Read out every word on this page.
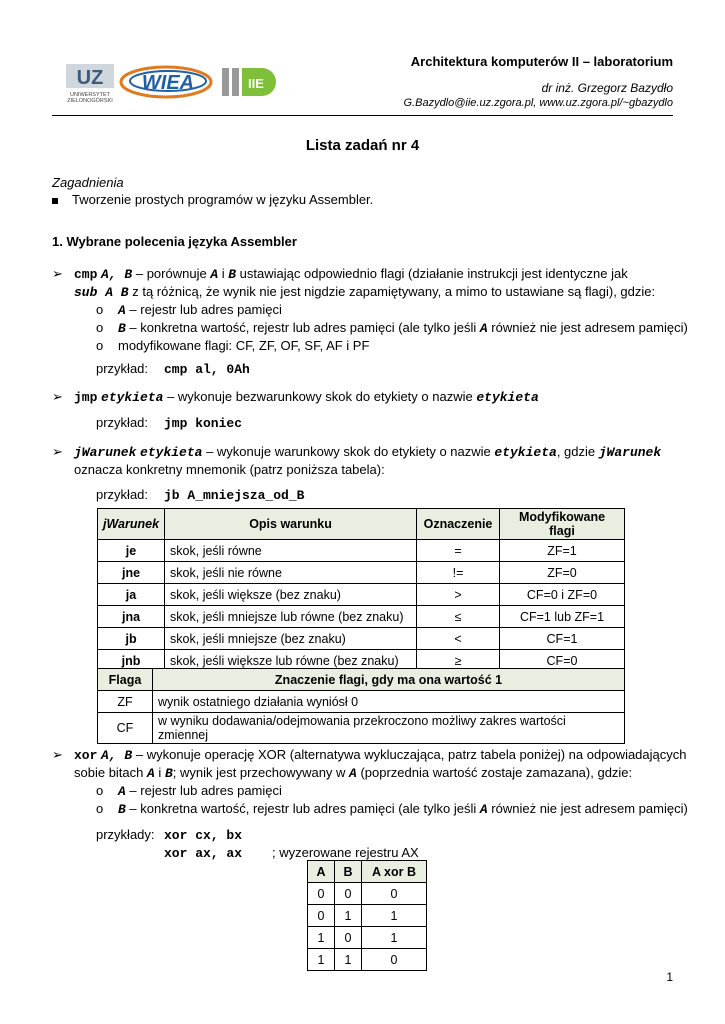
UZ
UNIWERSYTET
ZIELONOGÓRSKI
WIEA	IIE
Architektura komputerów II – laboratorium
dr inż. Grzegorz Bazydło
G.Bazydlo@iie.uz.zgora.pl, www.uz.zgora.pl/~gbazydlo
Lista zadań nr 4

Zagadnienia

Tworzenie prostych programów w języku Assembler.

1. Wybrane polecenia języka Assembler

➢ cmp A, B – porównuje A i B ustawiając odpowiednio flagi (działanie instrukcji jest identyczne jak

sub A B z tą różnicą, że wynik nie jest nigdzie zapamiętywany, a mimo to ustawiane są flagi), gdzie:

o A – rejestr lub adres pamięci

o B – konkretna wartość, rejestr lub adres pamięci (ale tylko jeśli A również nie jest adresem pamięci)

o modyfikowane flagi: CF, ZF, OF, SF, AF i PF

przykład: cmp al, 0Ah

➢ jmp etykieta – wykonuje bezwarunkowy skok do etykiety o nazwie etykieta

przykład: jmp koniec

➢ jWarunek etykieta – wykonuje warunkowy skok do etykiety o nazwie etykieta, gdzie jWarunek

oznacza konkretny mnemonik (patrz poniższa tabela):

przykład: jb A_mniejsza_od_B

jWarunek	Opis warunku	Oznaczenie	Modyfikowane flagi
je	skok, jeśli równe	=	ZF=1
jne	skok, jeśli nie równe	!=	ZF=0
ja	skok, jeśli większe (bez znaku)	>	CF=0 i ZF=0
jna	skok, jeśli mniejsze lub równe (bez znaku)	≤	CF=1 lub ZF=1
jb	skok, jeśli mniejsze (bez znaku)	<	CF=1
jnb	skok, jeśli większe lub równe (bez znaku)	≥	CF=0
Flaga	Znaczenie flagi, gdy ma ona wartość 1
ZF	wynik ostatniego działania wyniósł 0
CF	w wyniku dodawania/odejmowania przekroczono możliwy zakres wartości zmiennej

➢ xor A, B – wykonuje operację XOR (alternatywa wykluczająca, patrz tabela poniżej) na odpowiadających

sobie bitach A i B; wynik jest przechowywany w A (poprzednia wartość zostaje zamazana), gdzie:

o A – rejestr lub adres pamięci

o B – konkretna wartość, rejestr lub adres pamięci (ale tylko jeśli A również nie jest adresem pamięci)

przykłady: xor cx, bx

xor ax, ax ; wyzerowane rejestru AX

A	B	A xor B
0	0	0
0	1	1
1	0	1
1	1	0
1
